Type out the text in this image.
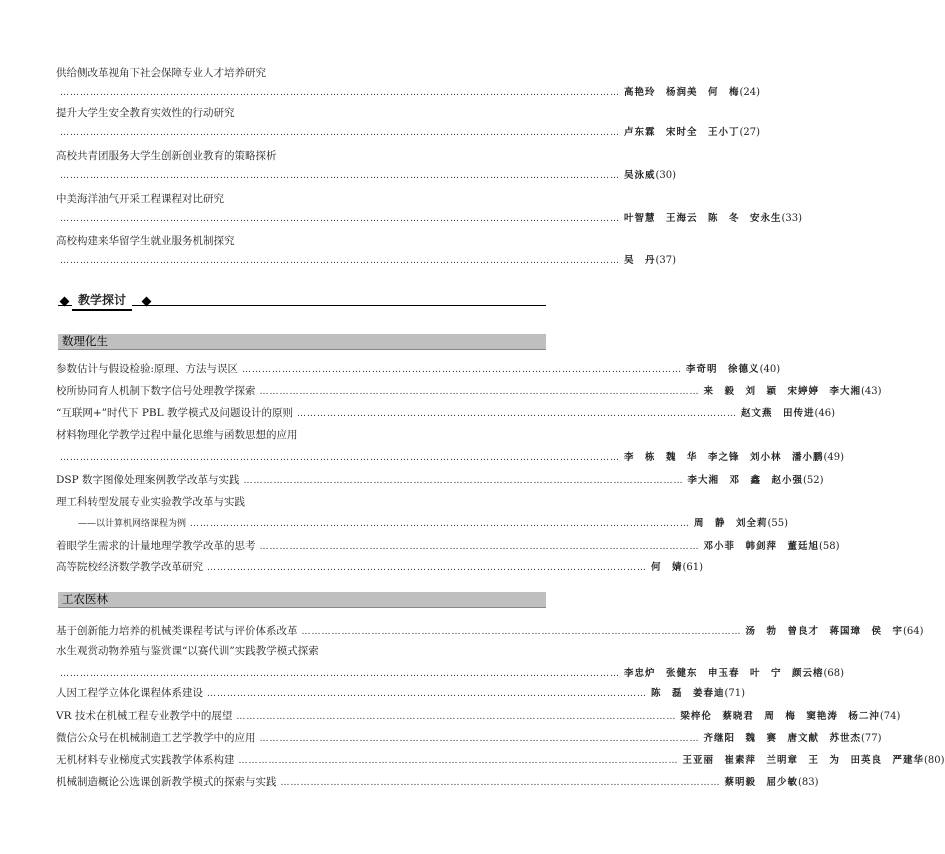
供给侧改革视角下社会保障专业人才培养研究
…………………………………………………………………………………………………………………………………………………… 高艳玲　杨润美　何　梅 (24)
提升大学生安全教育实效性的行动研究
…………………………………………………………………………………………………………………………………………………… 卢东霖　宋时全　王小丁 (27)
高校共青团服务大学生创新创业教育的策略探析
…………………………………………………………………………………………………………………………………………………… 吴泳威 (30)
中美海洋油气开采工程课程对比研究
…………………………………………………………………………………………………………………………………………………… 叶智慧　王海云　陈　冬　安永生 (33)
高校构建来华留学生就业服务机制探究
…………………………………………………………………………………………………………………………………………………… 吴　丹 (37)
教学探讨
数理化生
参数估计与假设检验:原理、方法与误区 …………………………………………………………………………………………………………………… 李奇明　徐德义 (40)
校所协同育人机制下数字信号处理教学探索 …………………………………………………………………………………………………………………… 来　毅　刘　颖　宋婷婷　李大湘 (43)
“互联网+”时代下 PBL 教学模式及问题设计的原则 …………………………………………………………………………………………………………………… 赵文燕　田传进 (46)
材料物理化学教学过程中量化思维与函数思想的应用
…………………………………………………………………………………………………………………………………………………… 李　栋　魏　华　李之锋　刘小林　潘小鹏 (49)
DSP 数字图像处理案例教学改革与实践 …………………………………………………………………………………………………………………… 李大湘　邓　鑫　赵小强 (52)
理工科转型发展专业实验教学改革与实践
——以计算机网络课程为例 …………………………………………………………………………………………………………………………………… 周　静　刘全莉 (55)
着眼学生需求的计量地理学教学改革的思考 …………………………………………………………………………………………………………………… 邓小菲　韩剑萍　董廷旭 (58)
高等院校经济数学教学改革研究 …………………………………………………………………………………………………………………… 何　婧 (61)
工农医林
基于创新能力培养的机械类课程考试与评价体系改革 …………………………………………………………………………………………………………………… 汤　勃　曾良才　蒋国璋　侯　宇 (64)
水生观赏动物养殖与鉴赏课“以赛代训”实践教学模式探索
…………………………………………………………………………………………………………………………………………………… 李忠炉　张健东　申玉春　叶　宁　颜云榕 (68)
人因工程学立体化课程体系建设 …………………………………………………………………………………………………………………… 陈　磊　姜春迪 (71)
VR 技术在机械工程专业教学中的展望 …………………………………………………………………………………………………………………… 梁梓伦　蔡晓君　周　梅　窦艳涛　杨二沖 (74)
微信公众号在机械制造工艺学教学中的应用 …………………………………………………………………………………………………………………… 齐继阳　魏　赛　唐文献　苏世杰 (77)
无机材料专业梯度式实践教学体系构建 …………………………………………………………………………………………………………………… 王亚丽　崔素萍　兰明章　王　为　田英良　严建华 (80)
机械制造概论公选课创新教学模式的探索与实践 …………………………………………………………………………………………………………………… 蔡明毅　屈少敏 (83)
